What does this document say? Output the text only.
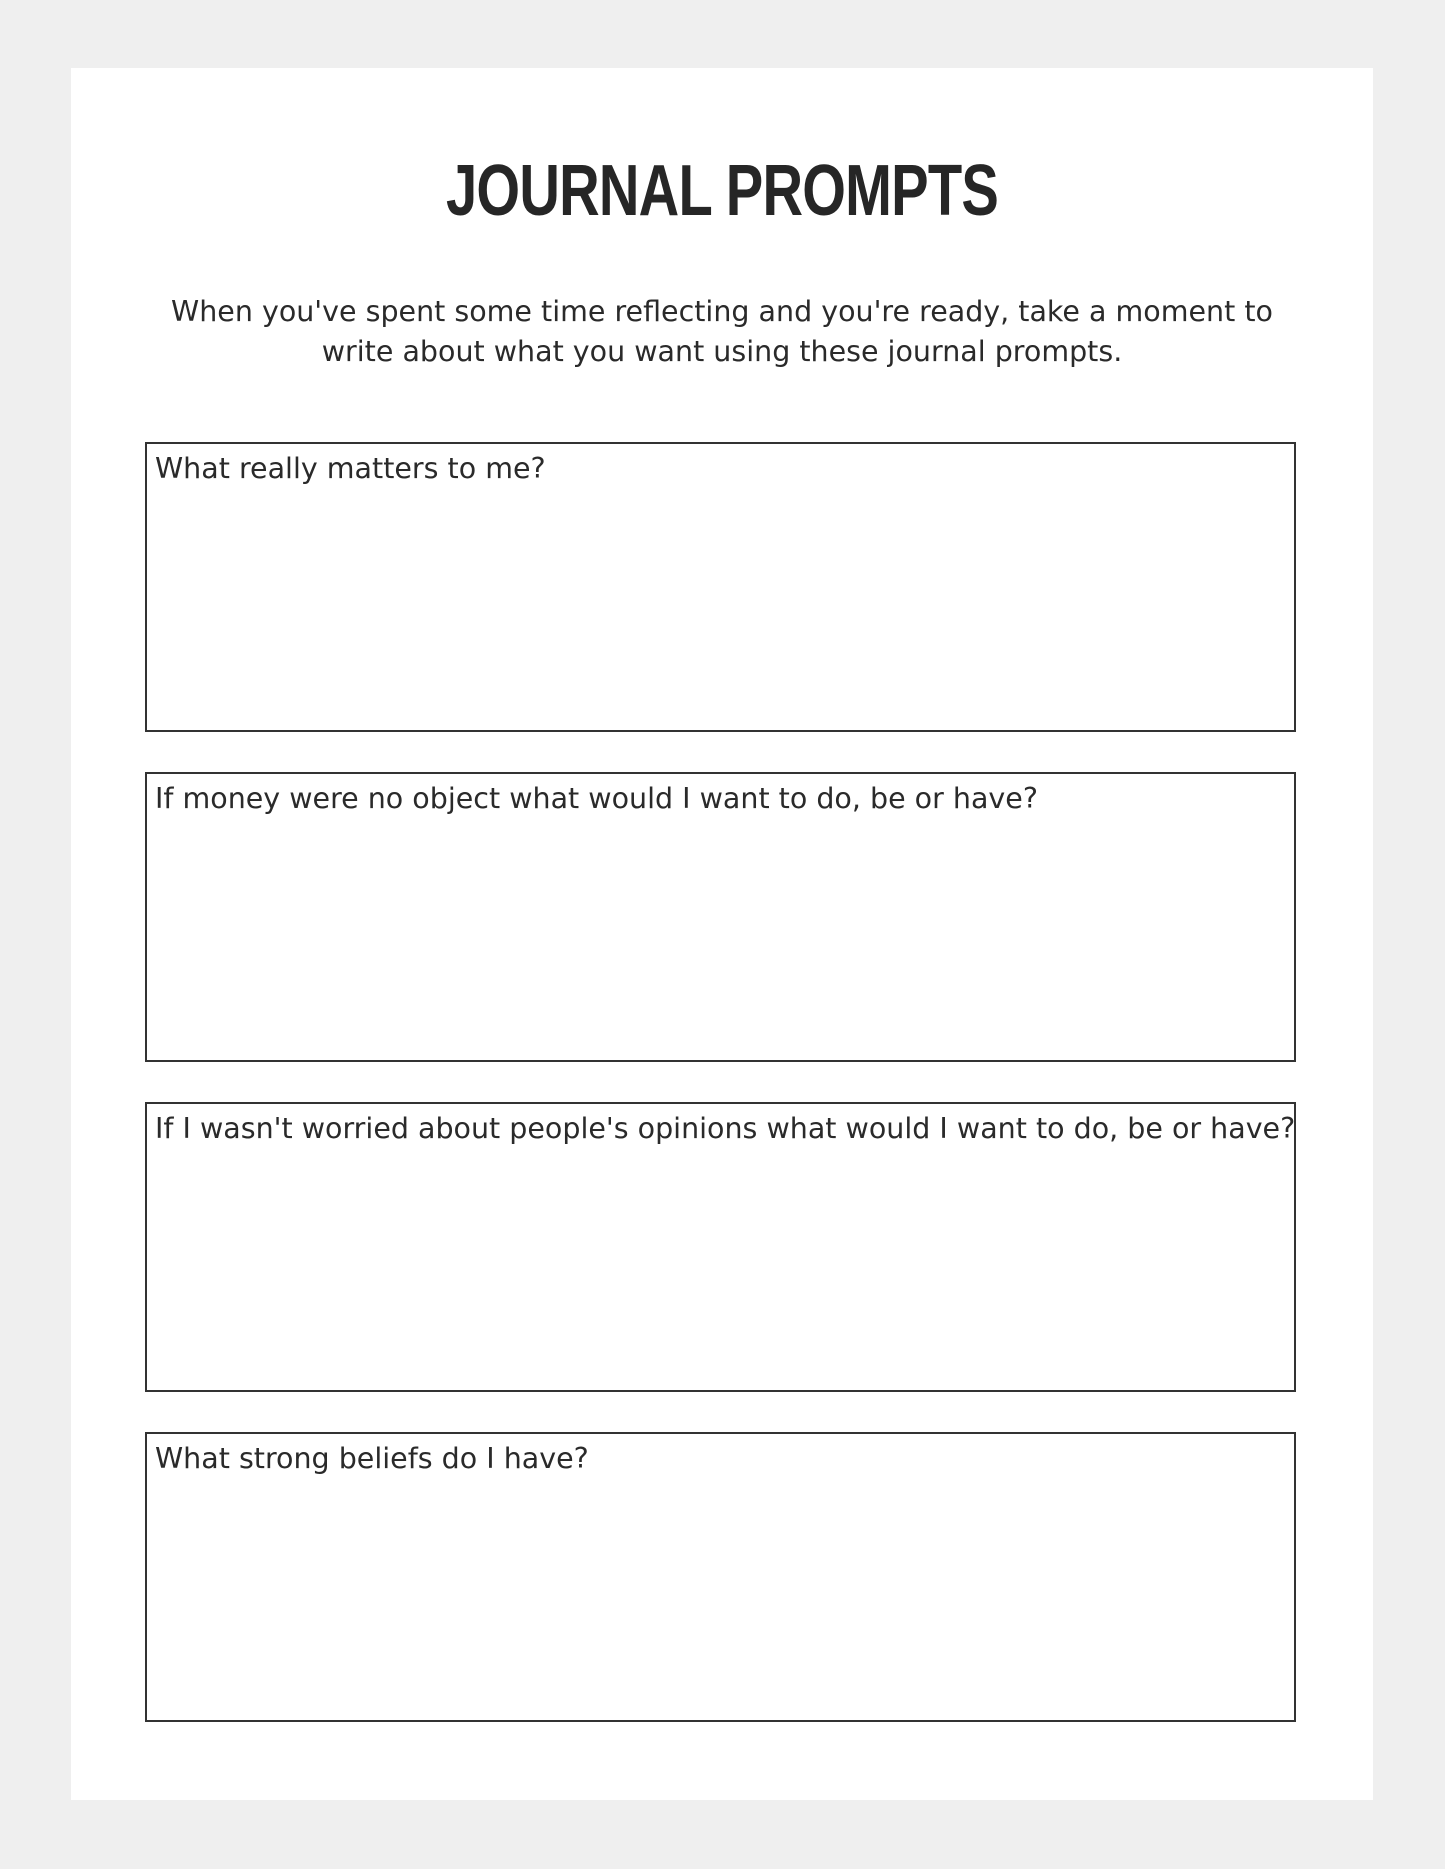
JOURNAL PROMPTS

When you've spent some time reflecting and you're ready, take a moment to write about what you want using these journal prompts.

What really matters to me?
If money were no object what would I want to do, be or have?
If I wasn't worried about people's opinions what would I want to do, be or have?
What strong beliefs do I have?
